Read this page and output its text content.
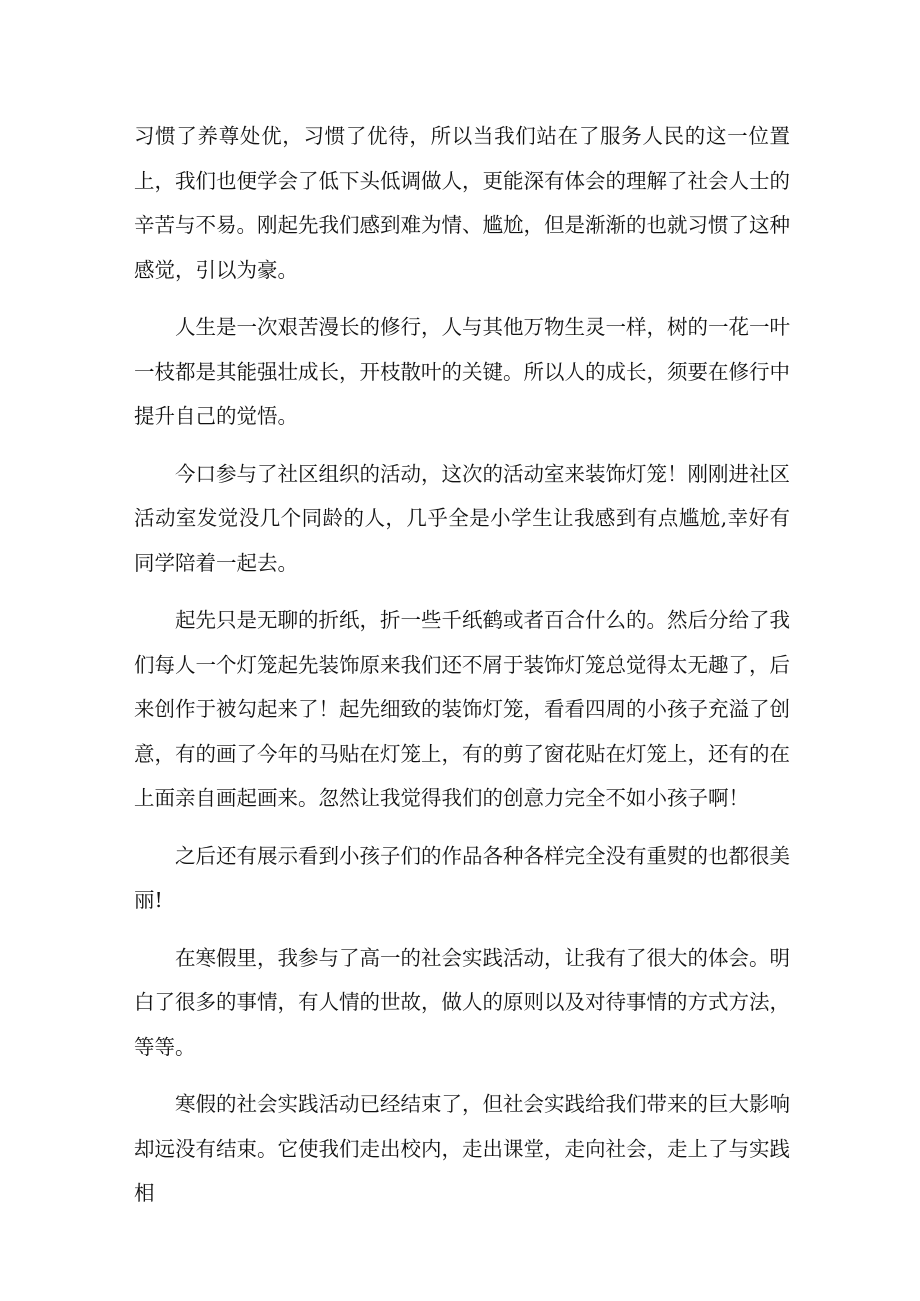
习惯了养尊处优，习惯了优待，所以当我们站在了服务人民的这一位置上，我们也便学会了低下头低调做人，更能深有体会的理解了社会人士的辛苦与不易。刚起先我们感到难为情、尴尬，但是渐渐的也就习惯了这种感觉，引以为豪。

人生是一次艰苦漫长的修行，人与其他万物生灵一样，树的一花一叶一枝都是其能强壮成长，开枝散叶的关键。所以人的成长，须要在修行中提升自己的觉悟。

今口参与了社区组织的活动，这次的活动室来装饰灯笼！刚刚进社区活动室发觉没几个同龄的人，几乎全是小学生让我感到有点尴尬,幸好有同学陪着一起去。

起先只是无聊的折纸，折一些千纸鹤或者百合什么的。然后分给了我们每人一个灯笼起先装饰原来我们还不屑于装饰灯笼总觉得太无趣了，后来创作于被勾起来了！起先细致的装饰灯笼，看看四周的小孩子充溢了创意，有的画了今年的马贴在灯笼上，有的剪了窗花贴在灯笼上，还有的在上面亲自画起画来。忽然让我觉得我们的创意力完全不如小孩子啊！

之后还有展示看到小孩子们的作品各种各样完全没有重熨的也都很美丽!

在寒假里，我参与了高一的社会实践活动，让我有了很大的体会。明白了很多的事情，有人情的世故，做人的原则以及对待事情的方式方法，等等。

寒假的社会实践活动已经结束了，但社会实践给我们带来的巨大影响却远没有结束。它使我们走出校内，走出课堂，走向社会，走上了与实践相
